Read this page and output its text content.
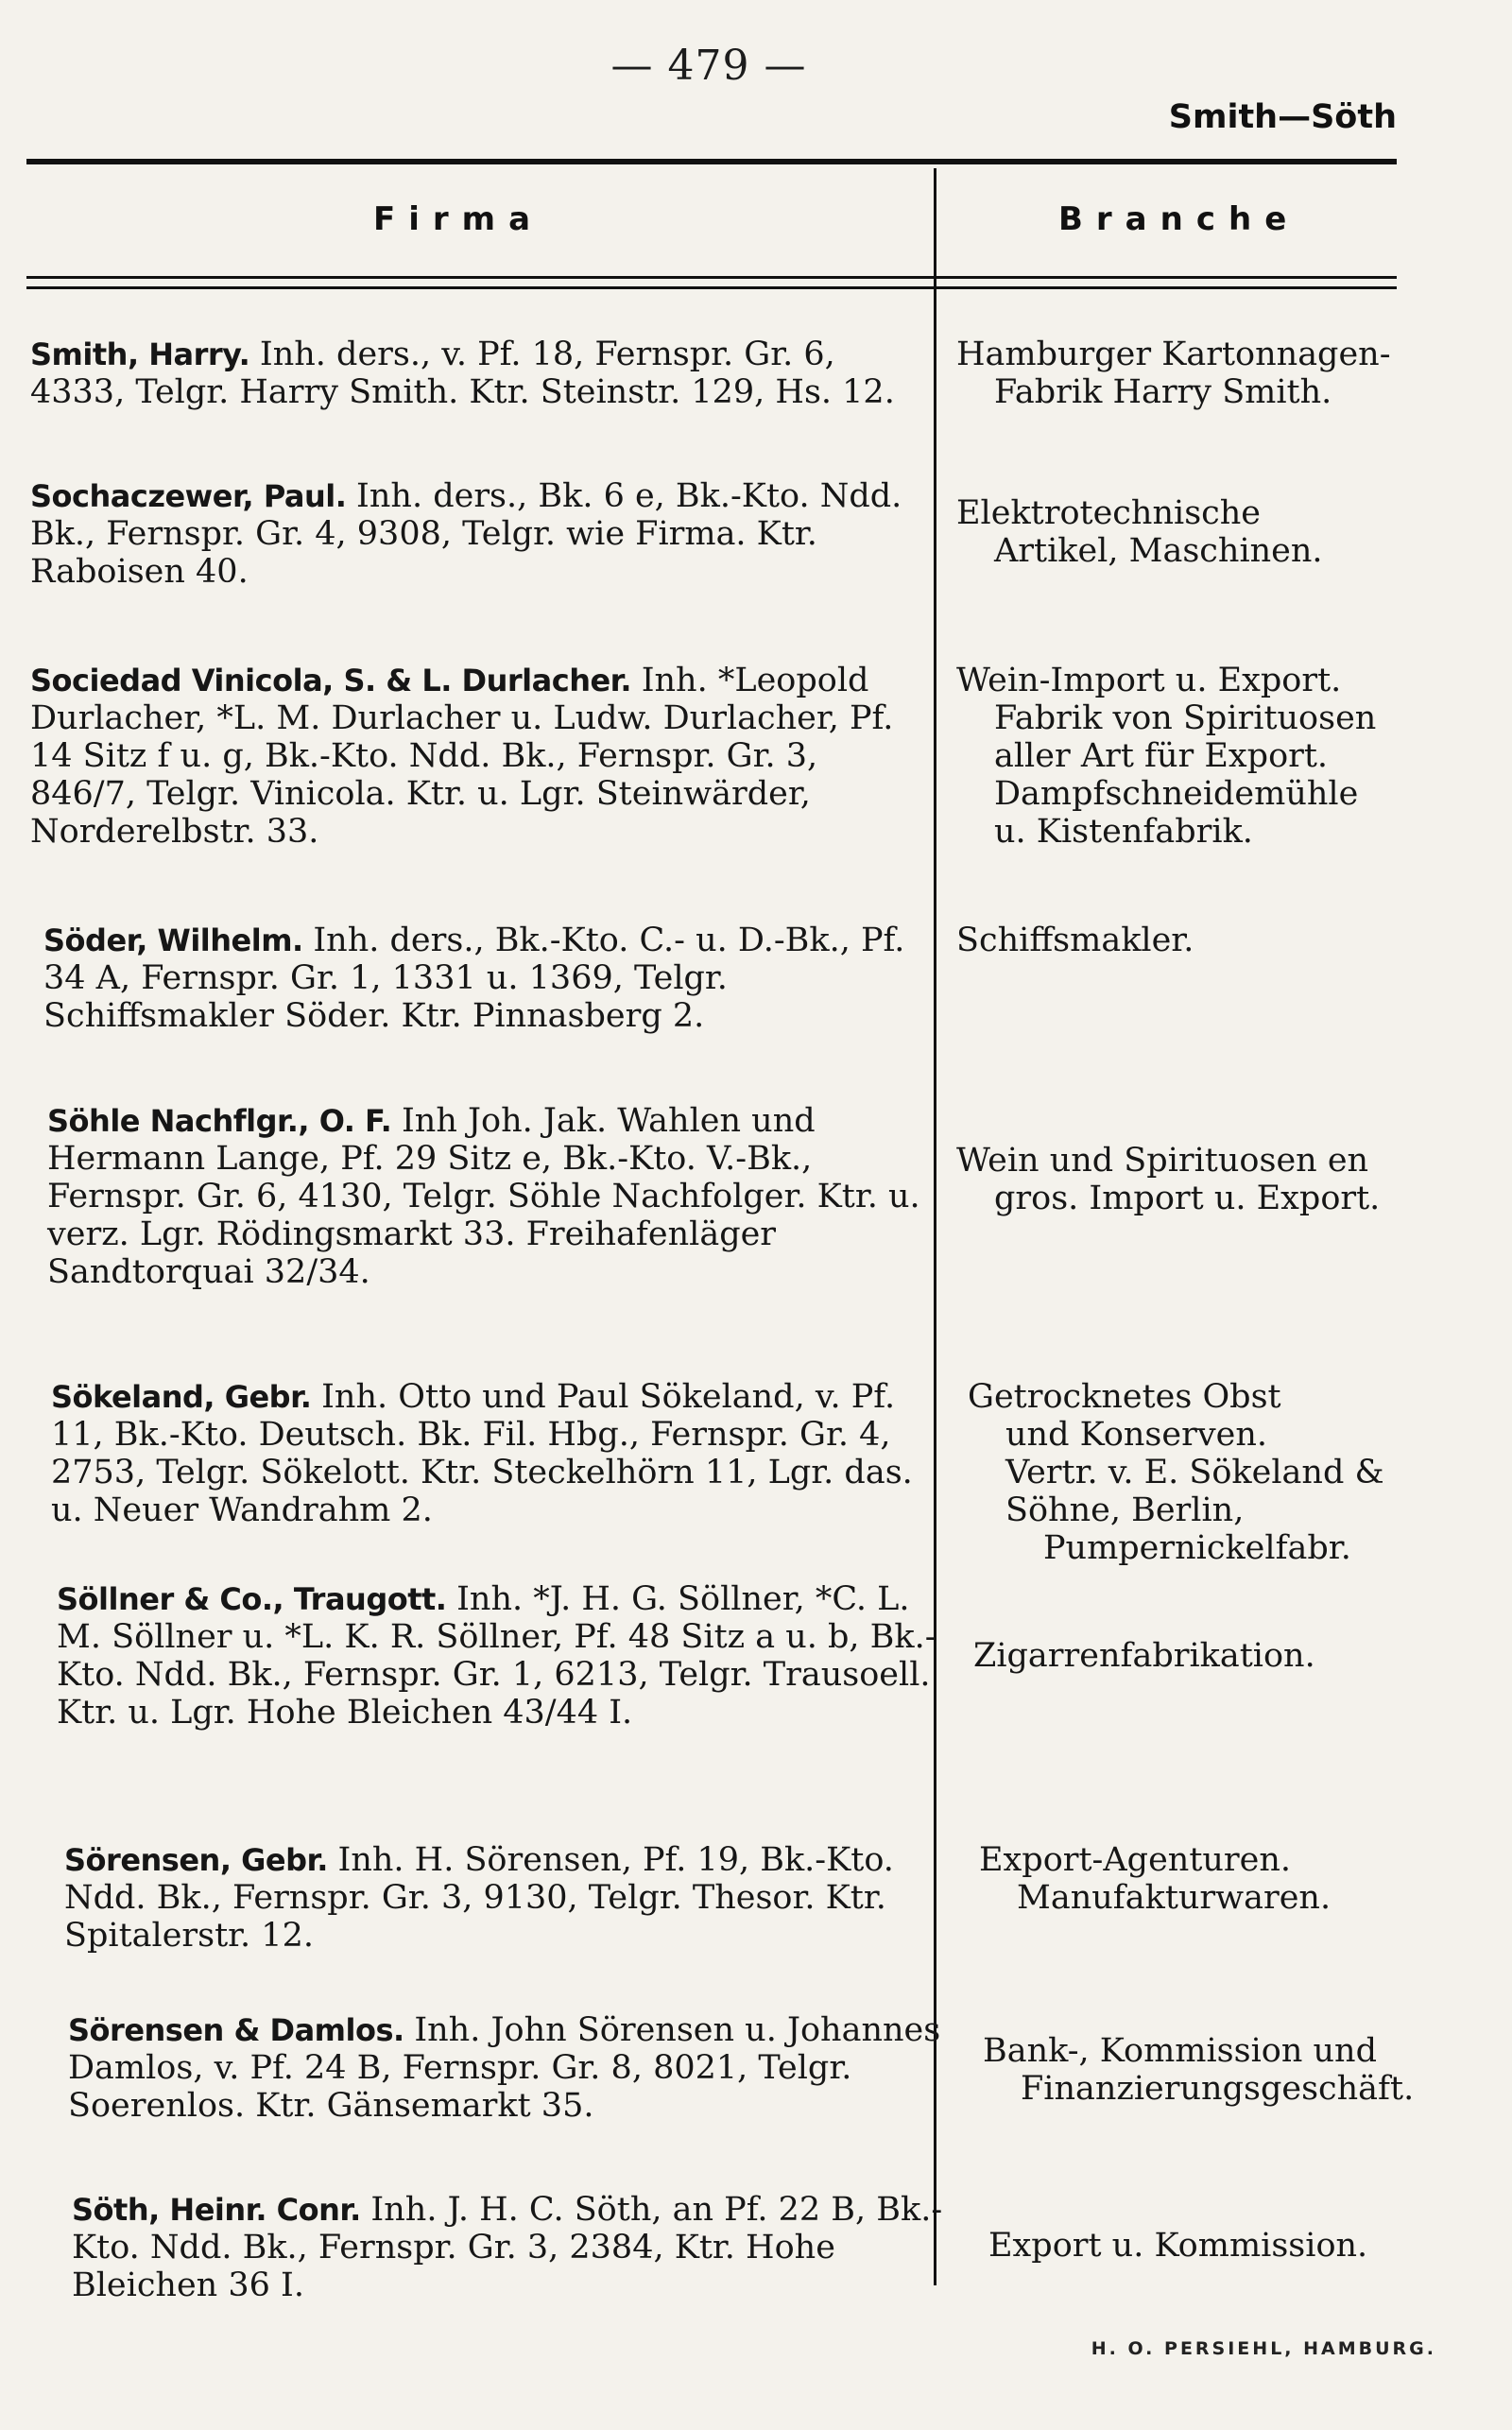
— 479 —
Smith—Söth
Firma	Branche
Smith, Harry. Inh. ders., v. Pf. 18, Fernspr. Gr. 6, 4333, Telgr. Harry Smith. Ktr. Steinstr. 129, Hs. 12.
Hamburger Kartonnagen-
Fabrik Harry Smith.
Sochaczewer, Paul. Inh. ders., Bk. 6 e, Bk.-Kto. Ndd. Bk., Fernspr. Gr. 4, 9308, Telgr. wie Firma. Ktr. Raboisen 40.
Elektrotechnische
Artikel, Maschinen.
Sociedad Vinicola, S. & L. Durlacher. Inh. *Leopold Durlacher, *L. M. Durlacher u. Ludw. Durlacher, Pf. 14 Sitz f u. g, Bk.-Kto. Ndd. Bk., Fernspr. Gr. 3, 846/7, Telgr. Vinicola. Ktr. u. Lgr. Steinwärder, Norderelbstr. 33.
Wein-Import u. Export.
Fabrik von Spirituosen
aller Art für Export.
Dampfschneidemühle
u. Kistenfabrik.
Söder, Wilhelm. Inh. ders., Bk.-Kto. C.- u. D.-Bk., Pf. 34 A, Fernspr. Gr. 1, 1331 u. 1369, Telgr. Schiffsmakler Söder. Ktr. Pinnasberg 2.
Schiffsmakler.
Söhle Nachflgr., O. F. Inh Joh. Jak. Wahlen und Hermann Lange, Pf. 29 Sitz e, Bk.-Kto. V.-Bk., Fernspr. Gr. 6, 4130, Telgr. Söhle Nachfolger. Ktr. u. verz. Lgr. Rödingsmarkt 33. Freihafenläger Sandtorquai 32/34.
Wein und Spirituosen en
gros. Import u. Export.
Sökeland, Gebr. Inh. Otto und Paul Sökeland, v. Pf. 11, Bk.-Kto. Deutsch. Bk. Fil. Hbg., Fernspr. Gr. 4, 2753, Telgr. Sökelott. Ktr. Steckelhörn 11, Lgr. das. u. Neuer Wandrahm 2.
Getrocknetes Obst
und Konserven.
Vertr. v. E. Sökeland &
Söhne, Berlin,
Pumpernickelfabr.
Söllner & Co., Traugott. Inh. *J. H. G. Söllner, *C. L. M. Söllner u. *L. K. R. Söllner, Pf. 48 Sitz a u. b, Bk.-Kto. Ndd. Bk., Fernspr. Gr. 1, 6213, Telgr. Trausoell. Ktr. u. Lgr. Hohe Bleichen 43/44 I.
Zigarrenfabrikation.
Sörensen, Gebr. Inh. H. Sörensen, Pf. 19, Bk.-Kto. Ndd. Bk., Fernspr. Gr. 3, 9130, Telgr. Thesor. Ktr. Spitalerstr. 12.
Export-Agenturen.
Manufakturwaren.
Sörensen & Damlos. Inh. John Sörensen u. Johannes Damlos, v. Pf. 24 B, Fernspr. Gr. 8, 8021, Telgr. Soerenlos. Ktr. Gänsemarkt 35.
Bank-, Kommission und
Finanzierungsgeschäft.
Söth, Heinr. Conr. Inh. J. H. C. Söth, an Pf. 22 B, Bk.-Kto. Ndd. Bk., Fernspr. Gr. 3, 2384, Ktr. Hohe Bleichen 36 I.
Export u. Kommission.
H. O. PERSIEHL, HAMBURG.
